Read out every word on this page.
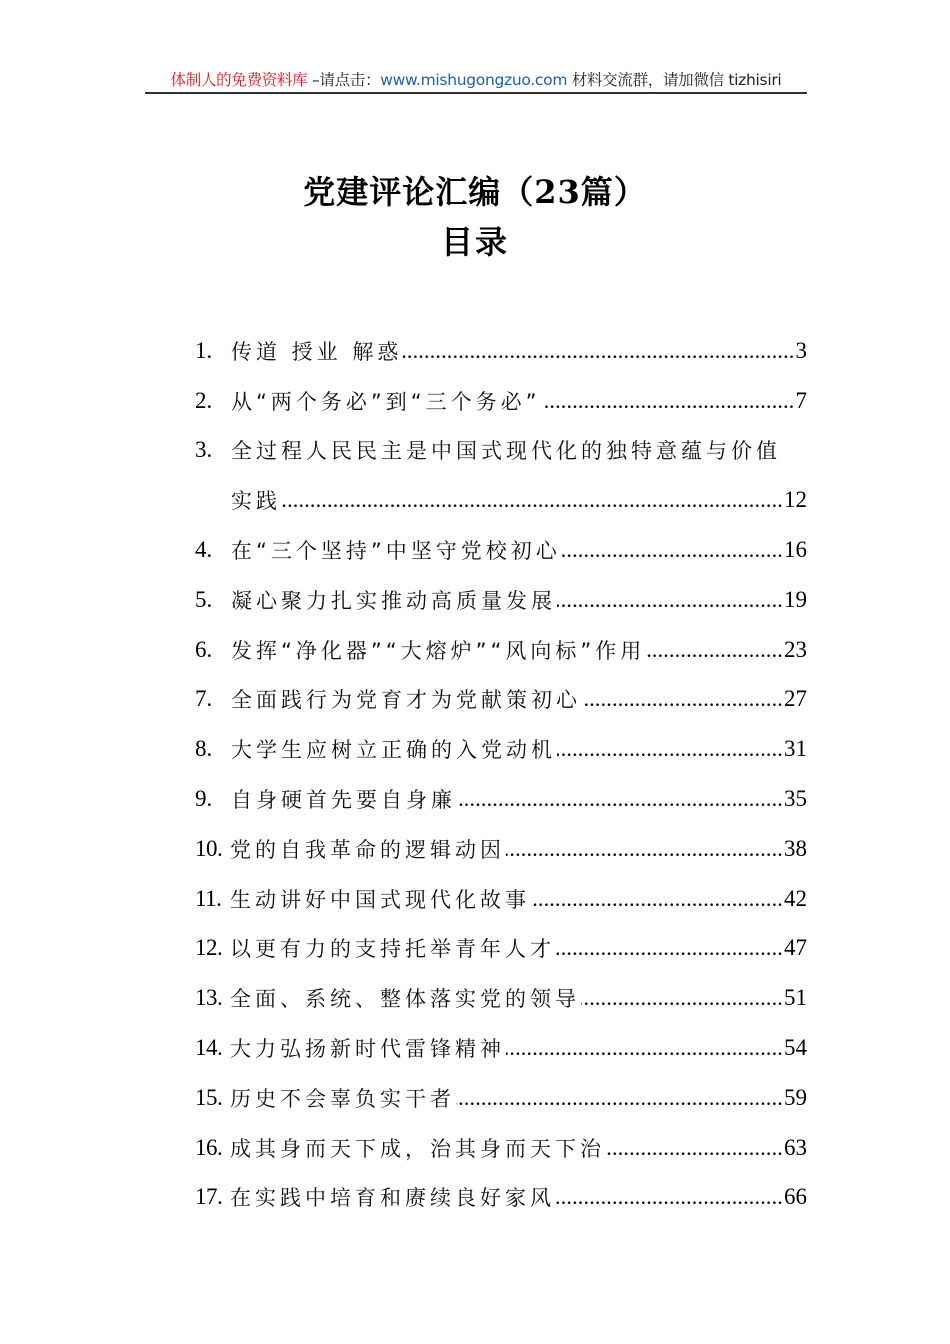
体制人的免费资料库 –请点击：www.mishugongzuo.com 材料交流群，请加微信 tizhisiri
党建评论汇编（23篇）
目录
1. 传道 授业 解惑 .....	3
2. 从“两个务必”到“三个务必” .....	7
3. 全过程人民民主是中国式现代化的独特意蕴与价值
实践 .....	12
4. 在“三个坚持”中坚守党校初心 .....	16
5. 凝心聚力扎实推动高质量发展 .....	19
6. 发挥“净化器”“大熔炉”“风向标”作用 .....	23
7. 全面践行为党育才为党献策初心 .....	27
8. 大学生应树立正确的入党动机 .....	31
9. 自身硬首先要自身廉 .....	35
10. 党的自我革命的逻辑动因 .....	38
11. 生动讲好中国式现代化故事 .....	42
12. 以更有力的支持托举青年人才 .....	47
13. 全面、系统、整体落实党的领导 .....	51
14. 大力弘扬新时代雷锋精神 .....	54
15. 历史不会辜负实干者 .....	59
16. 成其身而天下成，治其身而天下治 .....	63
17. 在实践中培育和赓续良好家风 .....	66
